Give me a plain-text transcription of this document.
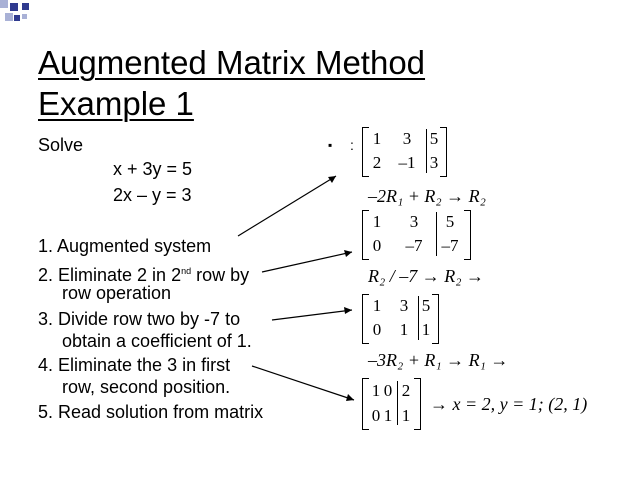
Augmented Matrix Method
Example 1
Solve
x + 3y = 5
2x – y = 3
1. Augmented system
2. Eliminate 2 in 2nd row by
row operation
3. Divide row two by -7 to
obtain a coefficient of 1.
4. Eliminate the 3 in first
row, second position.
5. Read solution from matrix
▪ : 1	3	5
2	–1 3
–2R₁ + R₂ → R₂
1	3	5
0	–7	–7
R₂ / –7 → R₂ →
1	3 5
0	1 1
–3R₂ + R₁ → R₁ →
1 0 2
0 1 1
→ x = 2, y = 1; (2, 1)
